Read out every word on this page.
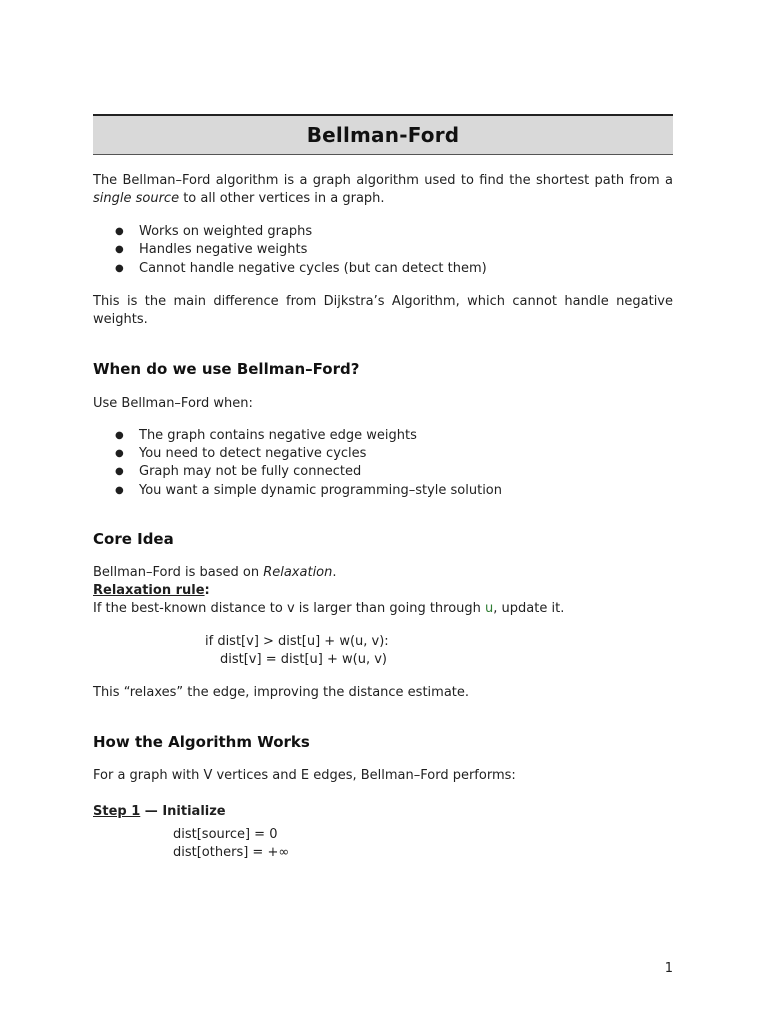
Bellman-Ford

The Bellman–Ford algorithm is a graph algorithm used to find the shortest path from a single source to all other vertices in a graph.

● Works on weighted graphs
● Handles negative weights
● Cannot handle negative cycles (but can detect them)

This is the main difference from Dijkstra’s Algorithm, which cannot handle negative weights.

When do we use Bellman–Ford?

Use Bellman–Ford when:

● The graph contains negative edge weights
● You need to detect negative cycles
● Graph may not be fully connected
● You want a simple dynamic programming–style solution
Core Idea

Bellman–Ford is based on Relaxation.

Relaxation rule:

If the best-known distance to v is larger than going through u, update it.

if dist[v] > dist[u] + w(u, v):
dist[v] = dist[u] + w(u, v)

This “relaxes” the edge, improving the distance estimate.

How the Algorithm Works

For a graph with V vertices and E edges, Bellman–Ford performs:

Step 1 — Initialize

dist[source] = 0
dist[others] = +∞
1
